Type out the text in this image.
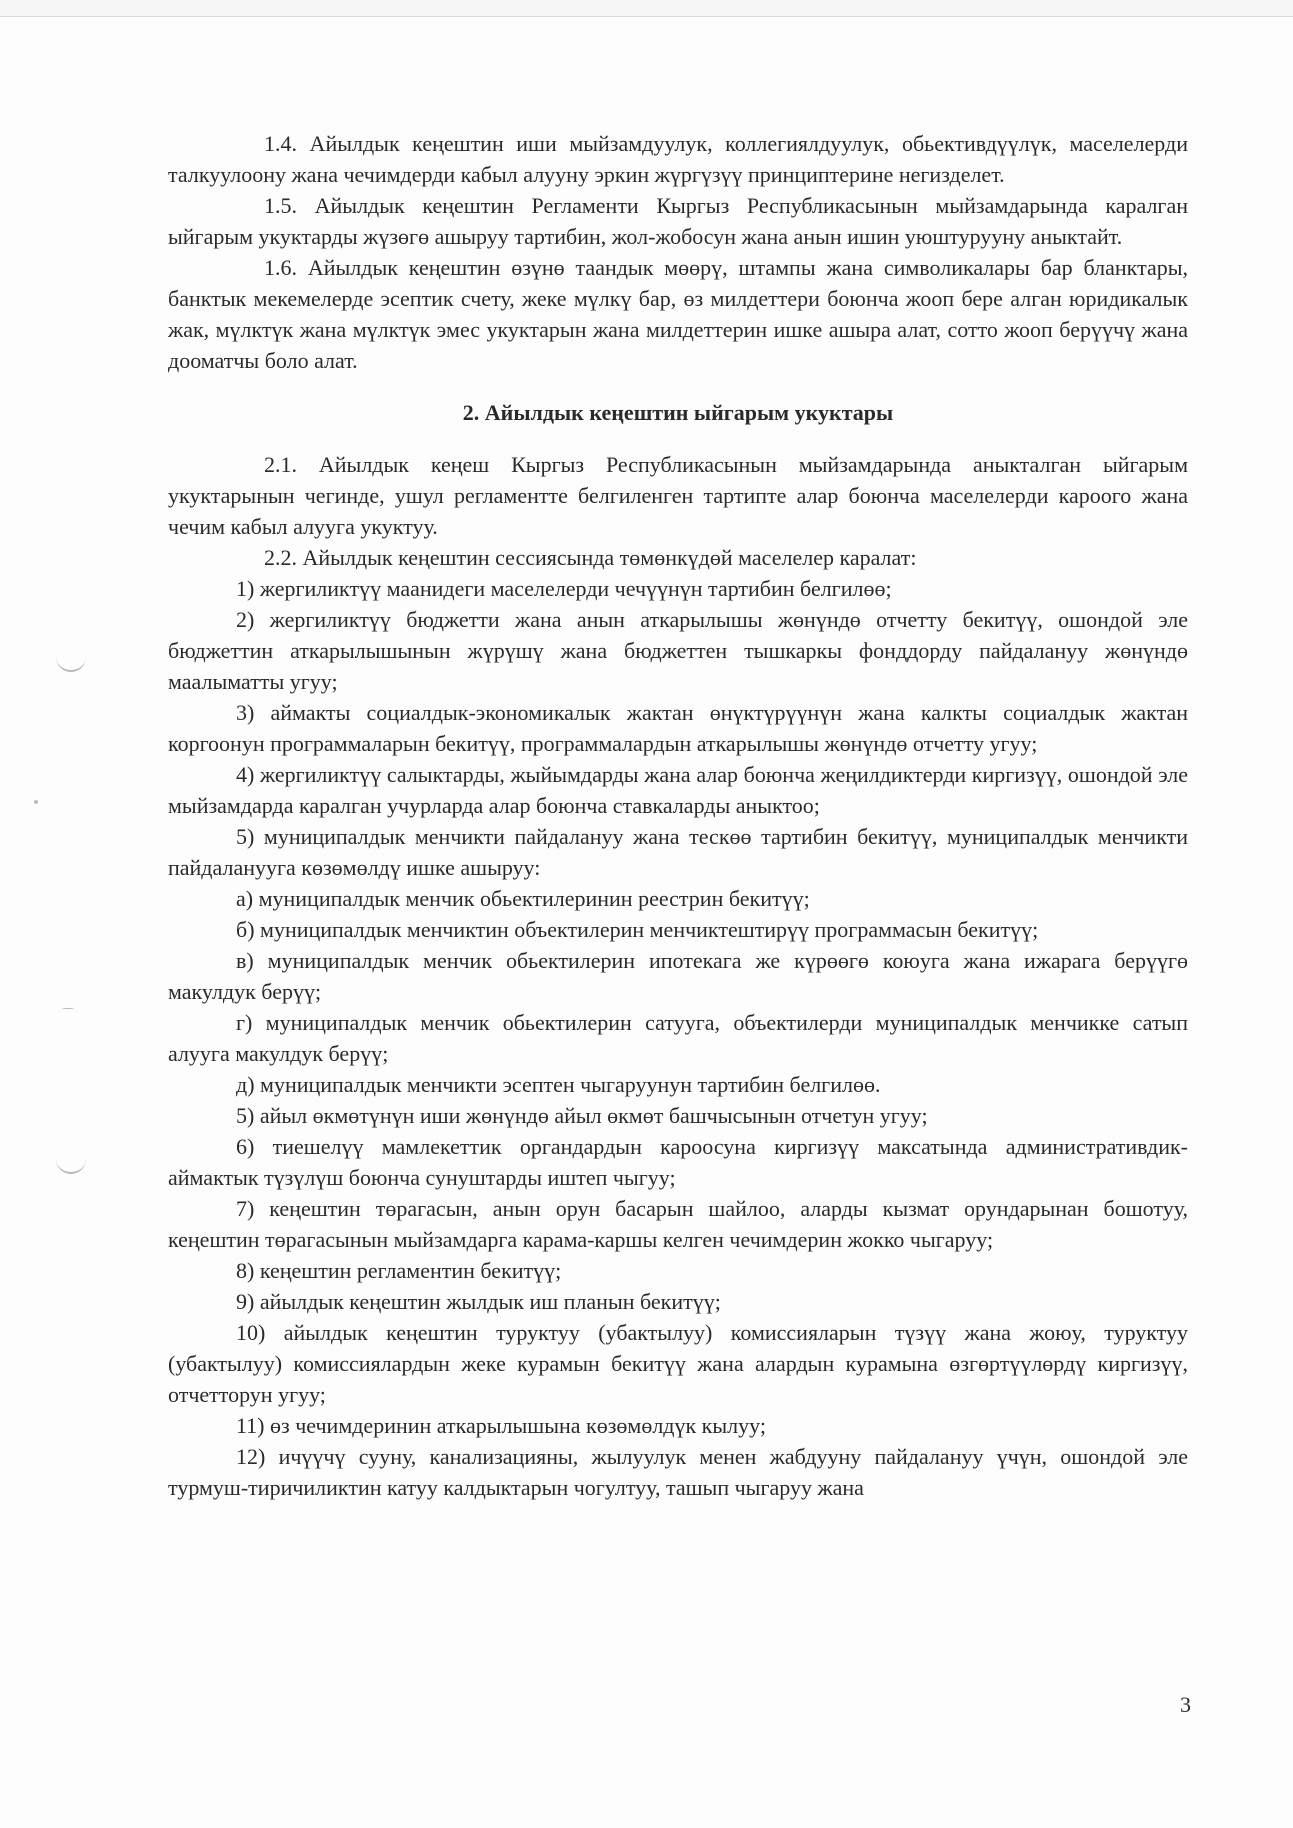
1.4. Айылдык кеңештин иши мыйзамдуулук, коллегиялдуулук, обьективдүүлүк, маселелерди талкуулоону жана чечимдерди кабыл алууну эркин жүргүзүү принциптерине негизделет.

1.5. Айылдык кеңештин Регламенти Кыргыз Республикасынын мыйзамдарында каралган ыйгарым укуктарды жүзөгө ашыруу тартибин, жол-жобосун жана анын ишин уюштурууну аныктайт.

1.6. Айылдык кеңештин өзүнө таандык мөөрү, штампы жана символикалары бар бланктары, банктык мекемелерде эсептик счету, жеке мүлкү бар, өз милдеттери боюнча жооп бере алган юридикалык жак, мүлктүк жана мүлктүк эмес укуктарын жана милдеттерин ишке ашыра алат, сотто жооп берүүчү жана дооматчы боло алат.

2. Айылдык кеңештин ыйгарым укуктары

2.1. Айылдык кеңеш Кыргыз Республикасынын мыйзамдарында аныкталган ыйгарым укуктарынын чегинде, ушул регламентте белгиленген тартипте алар боюнча маселелерди кароого жана чечим кабыл алууга укуктуу.

2.2. Айылдык кеңештин сессиясында төмөнкүдөй маселелер каралат:

1) жергиликтүү маанидеги маселелерди чечүүнүн тартибин белгилөө;

2) жергиликтүү бюджетти жана анын аткарылышы жөнүндө отчетту бекитүү, ошондой эле бюджеттин аткарылышынын жүрүшү жана бюджеттен тышкаркы фонддорду пайдалануу жөнүндө маалыматты угуу;

3) аймакты социалдык-экономикалык жактан өнүктүрүүнүн жана калкты социалдык жактан коргоонун программаларын бекитүү, программалардын аткарылышы жөнүндө отчетту угуу;

4) жергиликтүү салыктарды, жыйымдарды жана алар боюнча жеңилдиктерди киргизүү, ошондой эле мыйзамдарда каралган учурларда алар боюнча ставкаларды аныктоо;

5) муниципалдык менчикти пайдалануу жана тескөө тартибин бекитүү, муниципалдык менчикти пайдаланууга көзөмөлдү ишке ашыруу:

а) муниципалдык менчик обьектилеринин реестрин бекитүү;

б) муниципалдык менчиктин объектилерин менчиктештирүү программасын бекитүү;

в) муниципалдык менчик обьектилерин ипотекага же күрөөгө коюуга жана ижарага берүүгө макулдук берүү;

г) муниципалдык менчик обьектилерин сатууга, объектилерди муниципалдык менчикке сатып алууга макулдук берүү;

д) муниципалдык менчикти эсептен чыгаруунун тартибин белгилөө.

5) айыл өкмөтүнүн иши жөнүндө айыл өкмөт башчысынын отчетун угуу;

6) тиешелүү мамлекеттик органдардын кароосуна киргизүү максатында административдик-аймактык түзүлүш боюнча сунуштарды иштеп чыгуу;

7) кеңештин төрагасын, анын орун басарын шайлоо, аларды кызмат орундарынан бошотуу, кеңештин төрагасынын мыйзамдарга карама-каршы келген чечимдерин жокко чыгаруу;

8) кеңештин регламентин бекитүү;

9) айылдык кеңештин жылдык иш планын бекитүү;

10) айылдык кеңештин туруктуу (убактылуу) комиссияларын түзүү жана жоюу, туруктуу (убактылуу) комиссиялардын жеке курамын бекитүү жана алардын курамына өзгөртүүлөрдү киргизүү, отчетторун угуу;

11) өз чечимдеринин аткарылышына көзөмөлдүк кылуу;

12) ичүүчү сууну, канализацияны, жылуулук менен жабдууну пайдалануу үчүн, ошондой эле турмуш-тиричиликтин катуу калдыктарын чогултуу, ташып чыгаруу жана

3
